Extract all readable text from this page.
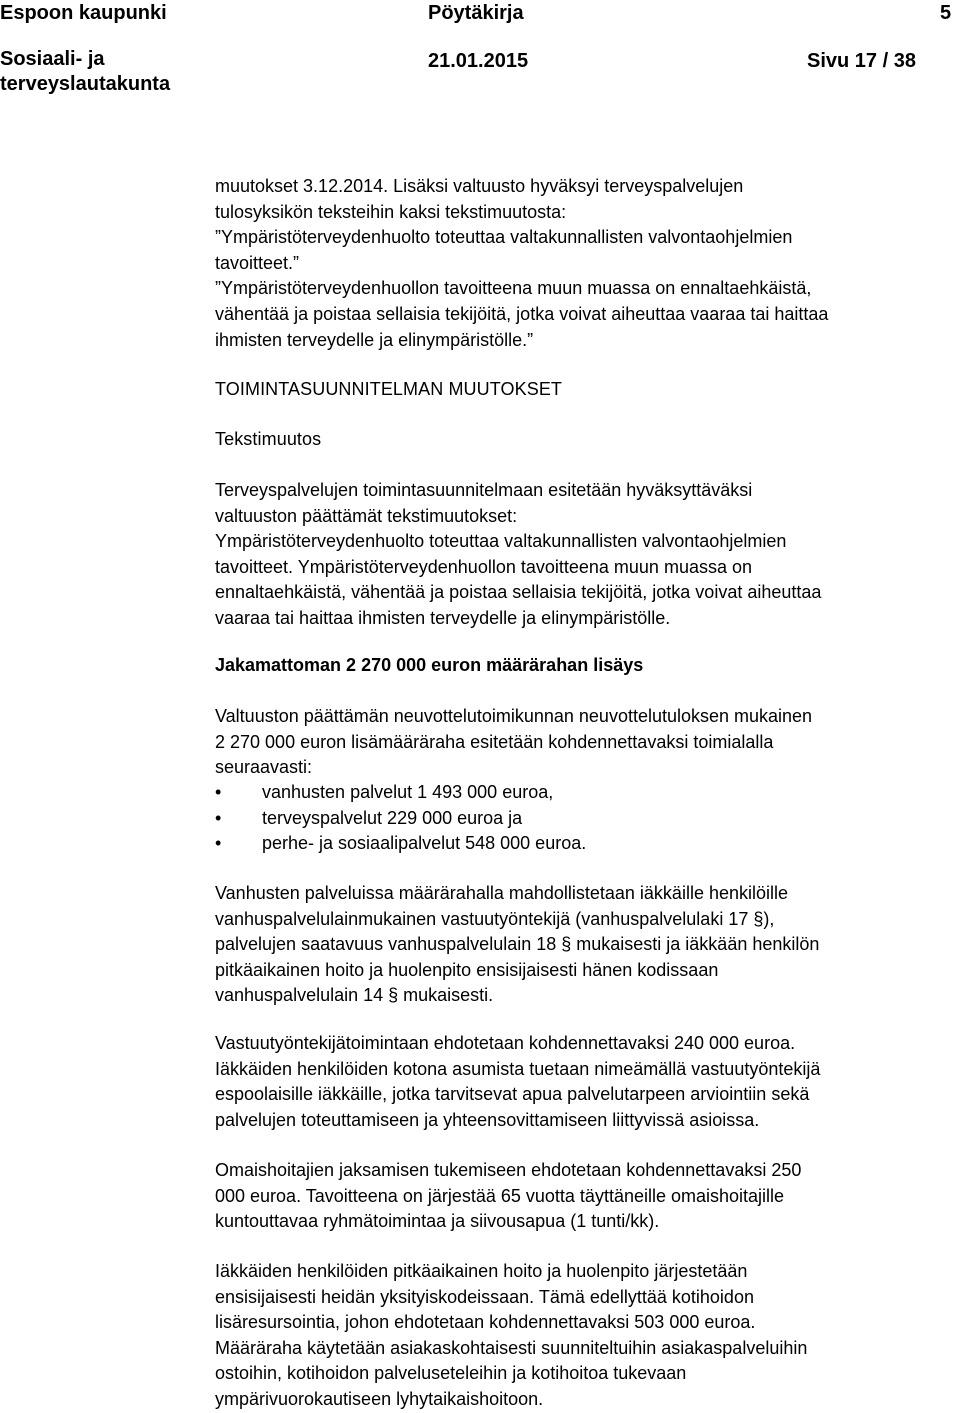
Espoon kaupunki	Pöytäkirja	5
Sosiaali- ja
terveyslautakunta
21.01.2015	Sivu 17 / 38
muutokset 3.12.2014. Lisäksi valtuusto hyväksyi terveyspalvelujen
tulosyksikön teksteihin kaksi tekstimuutosta:
”Ympäristöterveydenhuolto toteuttaa valtakunnallisten valvontaohjelmien
tavoitteet.”
”Ympäristöterveydenhuollon tavoitteena muun muassa on ennaltaehkäistä,
vähentää ja poistaa sellaisia tekijöitä, jotka voivat aiheuttaa vaaraa tai haittaa
ihmisten terveydelle ja elinympäristölle.”
TOIMINTASUUNNITELMAN MUUTOKSET
Tekstimuutos
Terveyspalvelujen toimintasuunnitelmaan esitetään hyväksyttäväksi
valtuuston päättämät tekstimuutokset:
Ympäristöterveydenhuolto toteuttaa valtakunnallisten valvontaohjelmien
tavoitteet. Ympäristöterveydenhuollon tavoitteena muun muassa on
ennaltaehkäistä, vähentää ja poistaa sellaisia tekijöitä, jotka voivat aiheuttaa
vaaraa tai haittaa ihmisten terveydelle ja elinympäristölle.
Jakamattoman 2 270 000 euron määrärahan lisäys
Valtuuston päättämän neuvottelutoimikunnan neuvottelutuloksen mukainen
2 270 000 euron lisämääräraha esitetään kohdennettavaksi toimialalla
seuraavasti:
• vanhusten palvelut 1 493 000 euroa,
• terveyspalvelut 229 000 euroa ja
• perhe- ja sosiaalipalvelut 548 000 euroa.
Vanhusten palveluissa määrärahalla mahdollistetaan iäkkäille henkilöille
vanhuspalvelulainmukainen vastuutyöntekijä (vanhuspalvelulaki 17 §),
palvelujen saatavuus vanhuspalvelulain 18 § mukaisesti ja iäkkään henkilön
pitkäaikainen hoito ja huolenpito ensisijaisesti hänen kodissaan
vanhuspalvelulain 14 § mukaisesti.
Vastuutyöntekijätoimintaan ehdotetaan kohdennettavaksi 240 000 euroa.
Iäkkäiden henkilöiden kotona asumista tuetaan nimeämällä vastuutyöntekijä
espoolaisille iäkkäille, jotka tarvitsevat apua palvelutarpeen arviointiin sekä
palvelujen toteuttamiseen ja yhteensovittamiseen liittyvissä asioissa.
Omaishoitajien jaksamisen tukemiseen ehdotetaan kohdennettavaksi 250
000 euroa. Tavoitteena on järjestää 65 vuotta täyttäneille omaishoitajille
kuntouttavaa ryhmätoimintaa ja siivousapua (1 tunti/kk).
Iäkkäiden henkilöiden pitkäaikainen hoito ja huolenpito järjestetään
ensisijaisesti heidän yksityiskodeissaan. Tämä edellyttää kotihoidon
lisäresursointia, johon ehdotetaan kohdennettavaksi 503 000 euroa.
Määräraha käytetään asiakaskohtaisesti suunniteltuihin asiakaspalveluihin
ostoihin, kotihoidon palveluseteleihin ja kotihoitoa tukevaan
ympärivuorokautiseen lyhytaikaishoitoon.
